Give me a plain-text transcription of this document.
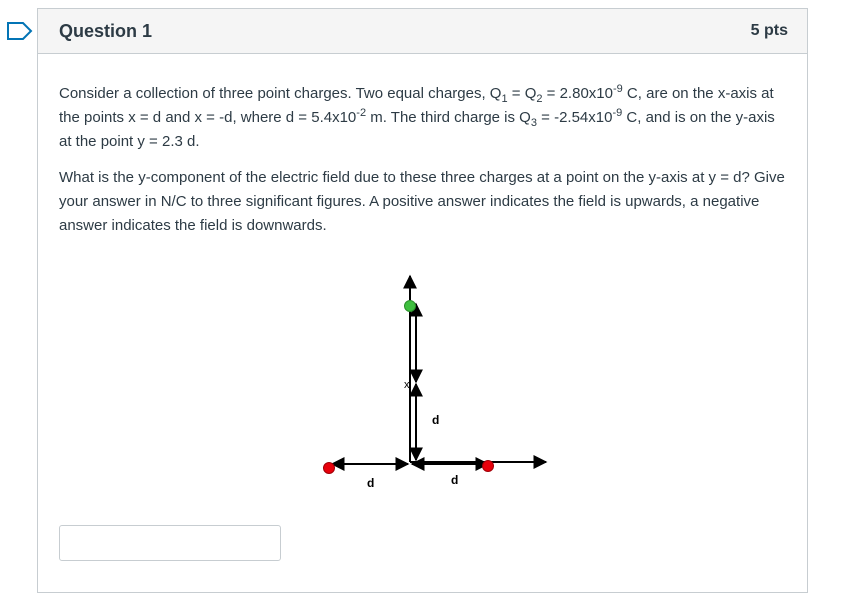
Question 1	5 pts

Consider a collection of three point charges. Two equal charges, $Q_1 = Q_2 = 2.80x10^{-9}$ C, are on the x-axis at the points x = d and x = -d, where $d = 5.4x10^{-2}$ m. The third charge is $Q_3 = -2.54x10^{-9}$ C, and is on the y-axis at the point y = 2.3 d.

What is the y-component of the electric field due to these three charges at a point on the y-axis at y = d? Give your answer in N/C to three significant figures. A positive answer indicates the field is upwards, a negative answer indicates the field is downwards.

x
d
d	d
